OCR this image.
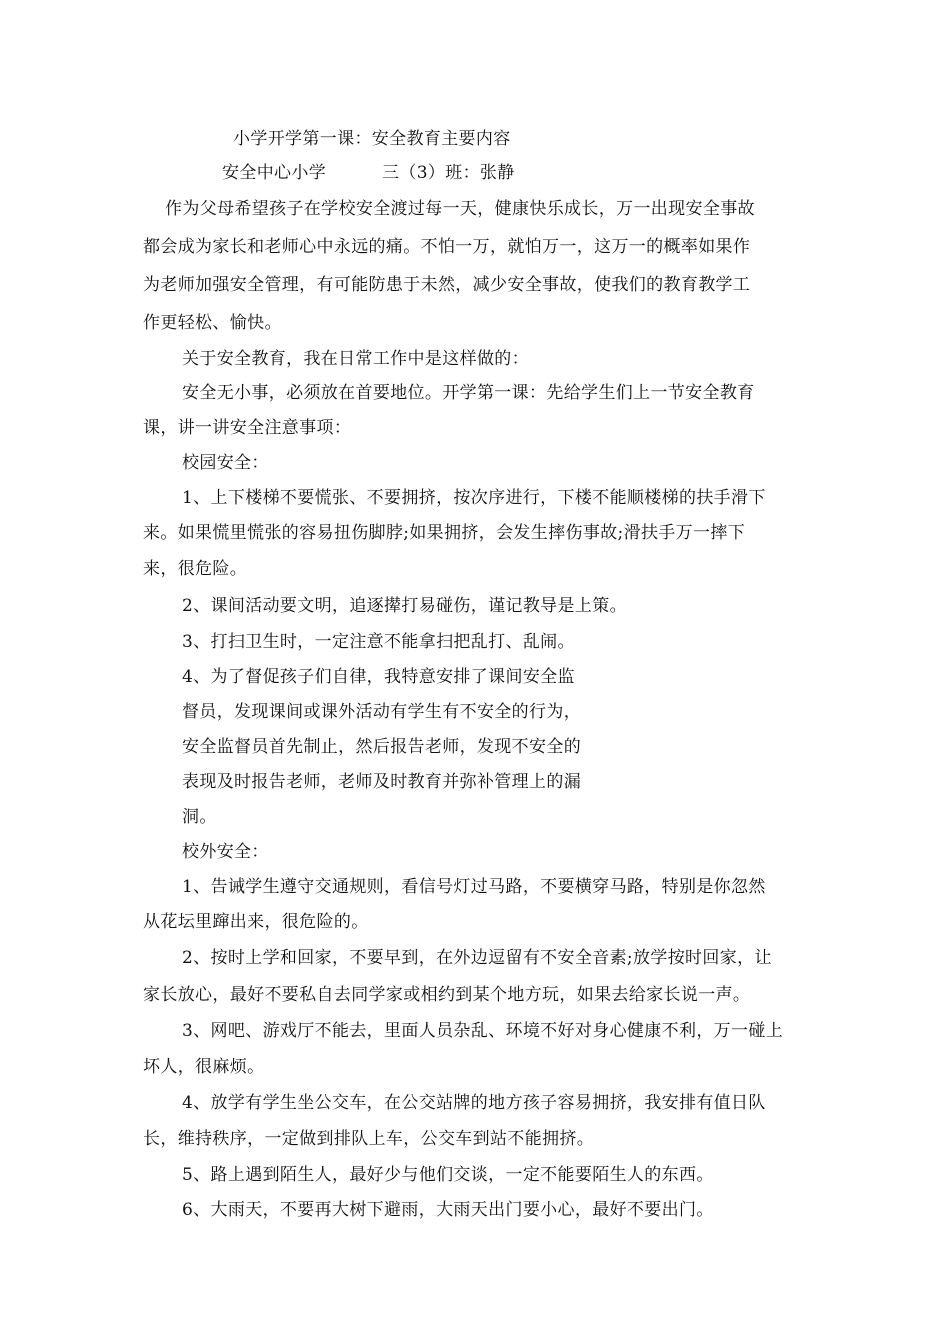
小学开学第一课：安全教育主要内容
安全中心小学	三（3）班：张静
作为父母希望孩子在学校安全渡过每一天，健康快乐成长，万一出现安全事故
都会成为家长和老师心中永远的痛。不怕一万，就怕万一，这万一的概率如果作
为老师加强安全管理，有可能防患于未然，减少安全事故，使我们的教育教学工
作更轻松、愉快。
关于安全教育，我在日常工作中是这样做的：
安全无小事，必须放在首要地位。开学第一课：先给学生们上一节安全教育
课，讲一讲安全注意事项：
校园安全：
1、上下楼梯不要慌张、不要拥挤，按次序进行，下楼不能顺楼梯的扶手滑下
来。如果慌里慌张的容易扭伤脚脖;如果拥挤，会发生摔伤事故;滑扶手万一摔下
来，很危险。
2、课间活动要文明，追逐撵打易碰伤，谨记教导是上策。
3、打扫卫生时，一定注意不能拿扫把乱打、乱闹。
4、为了督促孩子们自律，我特意安排了课间安全监
督员，发现课间或课外活动有学生有不安全的行为，
安全监督员首先制止，然后报告老师，发现不安全的
表现及时报告老师，老师及时教育并弥补管理上的漏
洞。
校外安全：
1、告诫学生遵守交通规则，看信号灯过马路，不要横穿马路，特别是你忽然
从花坛里蹿出来，很危险的。
2、按时上学和回家，不要早到，在外边逗留有不安全音素;放学按时回家，让
家长放心，最好不要私自去同学家或相约到某个地方玩，如果去给家长说一声。
3、网吧、游戏厅不能去，里面人员杂乱、环境不好对身心健康不利，万一碰上
坏人，很麻烦。
4、放学有学生坐公交车，在公交站牌的地方孩子容易拥挤，我安排有值日队
长，维持秩序，一定做到排队上车，公交车到站不能拥挤。
5、路上遇到陌生人，最好少与他们交谈，一定不能要陌生人的东西。
6、大雨天，不要再大树下避雨，大雨天出门要小心，最好不要出门。
